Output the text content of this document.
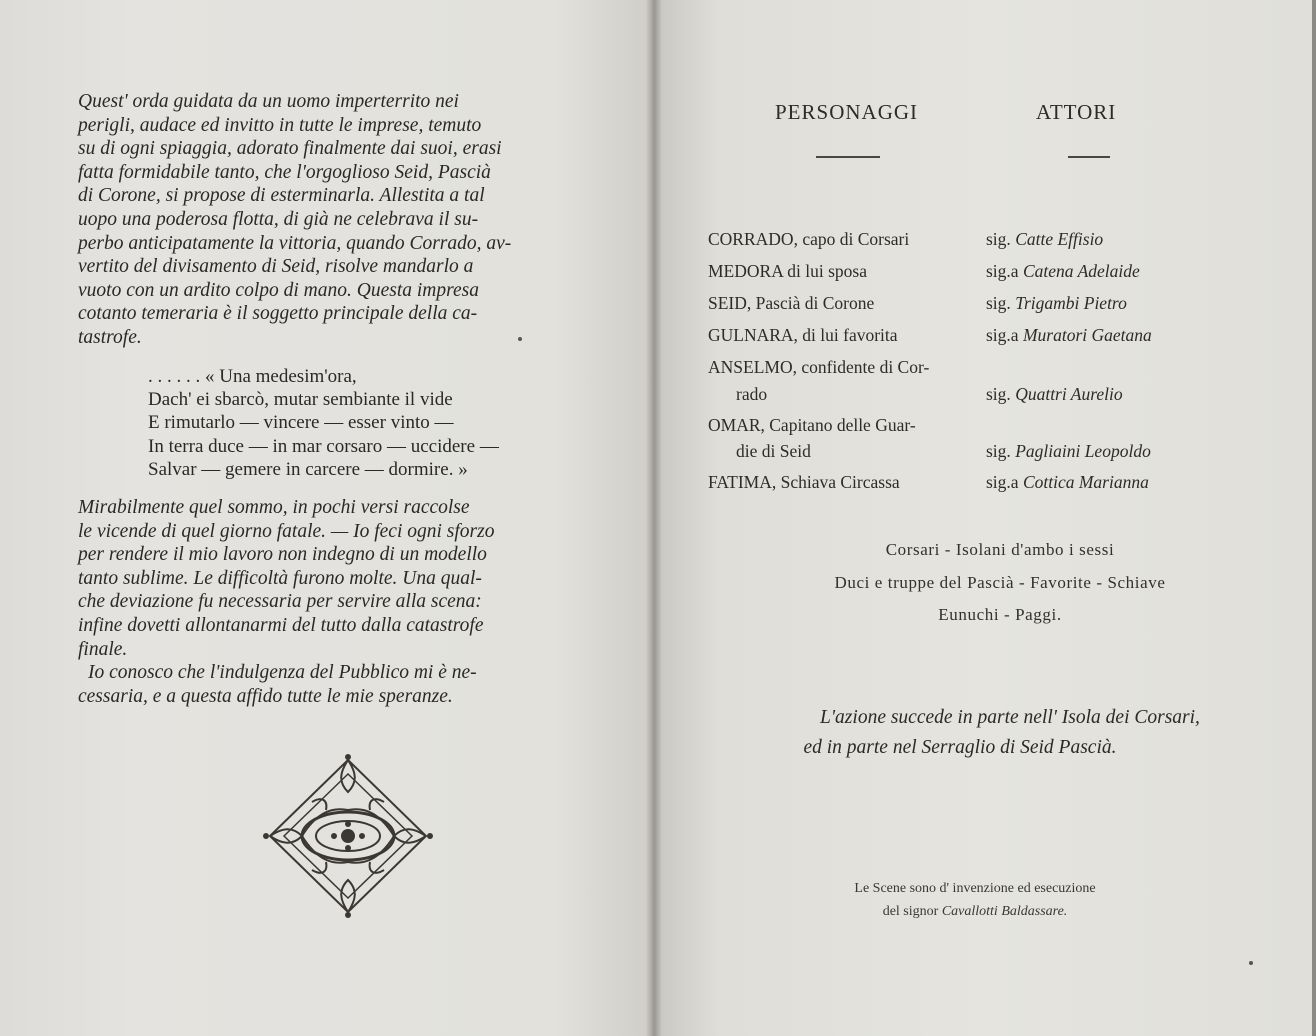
Quest' orda guidata da un uomo imperterrito nei
perigli, audace ed invitto in tutte le imprese, temuto
su di ogni spiaggia, adorato finalmente dai suoi, erasi
fatta formidabile tanto, che l'orgoglioso Seid, Pascià
di Corone, si propose di esterminarla. Allestita a tal
uopo una poderosa flotta, di già ne celebrava il su-
perbo anticipatamente la vittoria, quando Corrado, av-
vertito del divisamento di Seid, risolve mandarlo a
vuoto con un ardito colpo di mano. Questa impresa
cotanto temeraria è il soggetto principale della ca-
tastrofe.

. . . . . . « Una medesim'ora,
Dach' ei sbarcò, mutar sembiante il vide
E rimutarlo — vincere — esser vinto —
In terra duce — in mar corsaro — uccidere —
Salvar — gemere in carcere — dormire. »

Mirabilmente quel sommo, in pochi versi raccolse
le vicende di quel giorno fatale. — Io feci ogni sforzo
per rendere il mio lavoro non indegno di un modello
tanto sublime. Le difficoltà furono molte. Una qual-
che deviazione fu necessaria per servire alla scena:
infine dovetti allontanarmi del tutto dalla catastrofe
finale.

Io conosco che l'indulgenza del Pubblico mi è ne-
cessaria, e a questa affido tutte le mie speranze.

PERSONAGGI	ATTORI
CORRADO, capo di Corsari	sig. Catte Effisio
MEDORA di lui sposa	sig.a Catena Adelaide
SEID, Pascià di Corone	sig. Trigambi Pietro
GULNARA, di lui favorita	sig.a Muratori Gaetana
ANSELMO, confidente di Cor-
rado	sig. Quattri Aurelio
OMAR, Capitano delle Guar-
die di Seid	sig. Pagliaini Leopoldo
FATIMA, Schiava Circassa	sig.a Cottica Marianna
Corsari - Isolani d'ambo i sessi
Duci e truppe del Pascià - Favorite - Schiave
Eunuchi - Paggi.
L'azione succede in parte nell' Isola dei Corsari,
ed in parte nel Serraglio di Seid Pascià.
Le Scene sono d' invenzione ed esecuzione
del signor Cavallotti Baldassare.
